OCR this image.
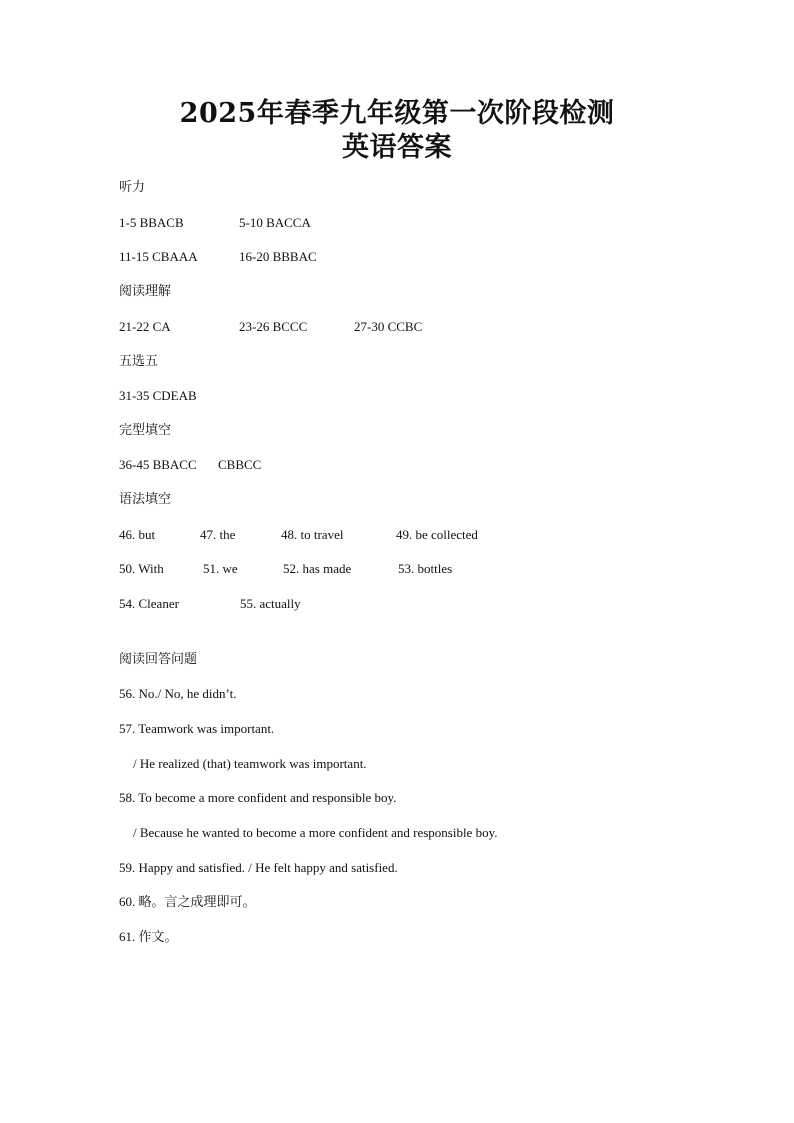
2025年春季九年级第一次阶段检测
英语答案
听力
1-5 BBACB	5-10 BACCA
11-15 CBAAA	16-20 BBBAC
阅读理解
21-22 CA	23-26 BCCC	27-30 CCBC
五选五
31-35 CDEAB
完型填空
36-45 BBACC CBBCC
语法填空
46. but	47. the	48. to travel	49. be collected
50. With	51. we	52. has made	53. bottles
54. Cleaner	55. actually
阅读回答问题
56. No./ No, he didn’t.
57. Teamwork was important.
/ He realized (that) teamwork was important.
58. To become a more confident and responsible boy.
/ Because he wanted to become a more confident and responsible boy.
59. Happy and satisfied. / He felt happy and satisfied.
60. 略。言之成理即可。
61. 作文。
